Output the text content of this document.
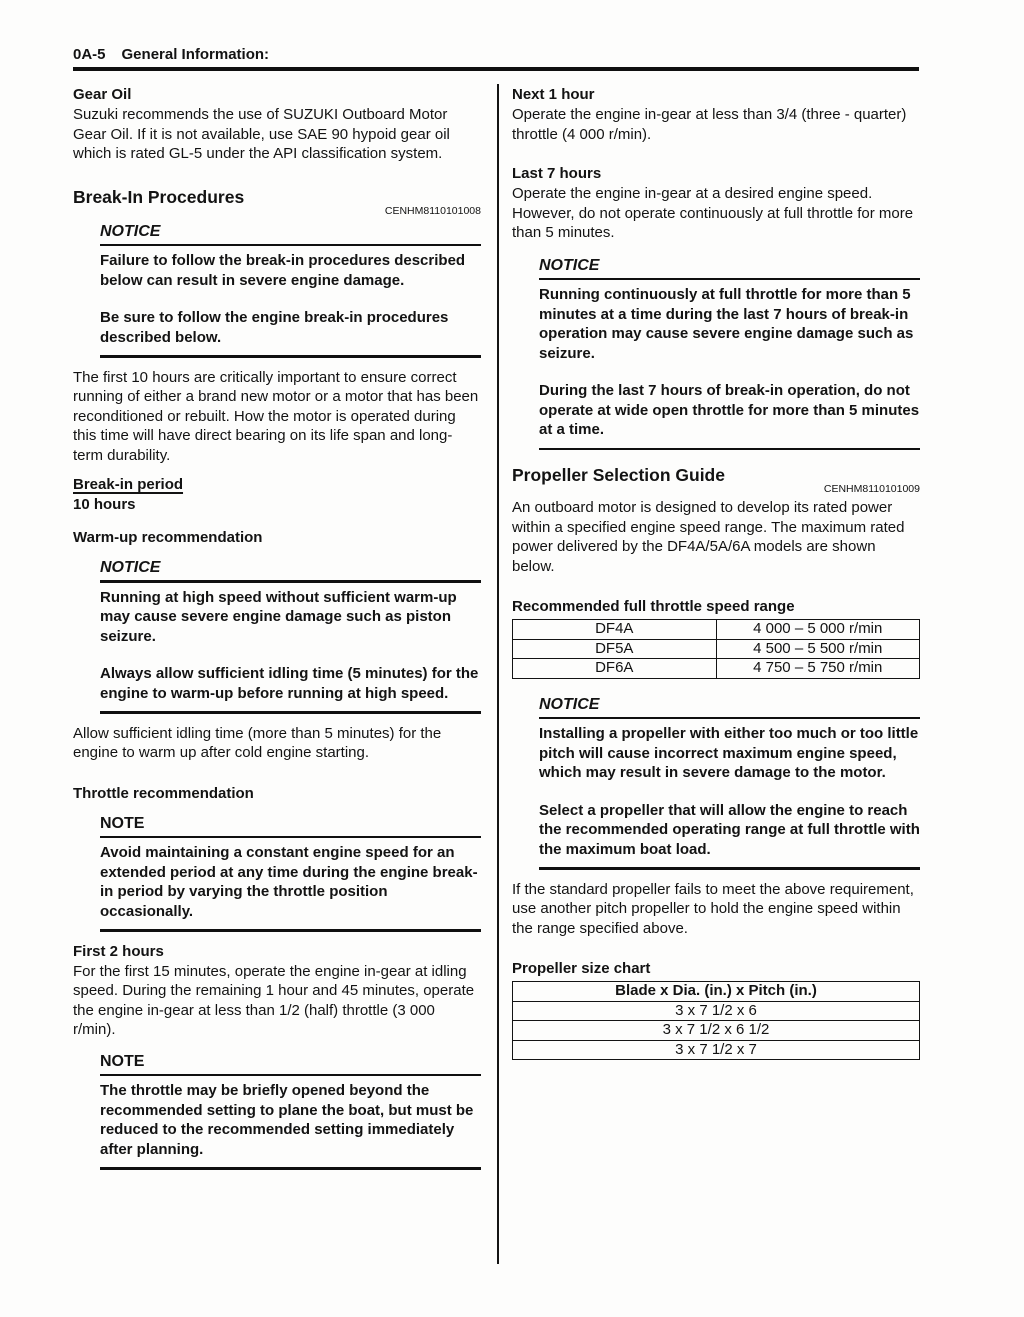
0A-5 General Information:
Gear Oil

Suzuki recommends the use of SUZUKI Outboard Motor Gear Oil. If it is not available, use SAE 90 hypoid gear oil which is rated GL-5 under the API classification system.

Break-In Procedures
CENHM8110101008
NOTICE

Failure to follow the break-in procedures described below can result in severe engine damage.

Be sure to follow the engine break-in procedures described below.

The first 10 hours are critically important to ensure correct running of either a brand new motor or a motor that has been reconditioned or rebuilt. How the motor is operated during this time will have direct bearing on its life span and long-term durability.

Break-in period
10 hours
Warm-up recommendation
NOTICE

Running at high speed without sufficient warm-up may cause severe engine damage such as piston seizure.

Always allow sufficient idling time (5 minutes) for the engine to warm-up before running at high speed.

Allow sufficient idling time (more than 5 minutes) for the engine to warm up after cold engine starting.

Throttle recommendation
NOTE

Avoid maintaining a constant engine speed for an extended period at any time during the engine break-in period by varying the throttle position occasionally.

First 2 hours

For the first 15 minutes, operate the engine in-gear at idling speed. During the remaining 1 hour and 45 minutes, operate the engine in-gear at less than 1/2 (half) throttle (3 000 r/min).

NOTE

The throttle may be briefly opened beyond the recommended setting to plane the boat, but must be reduced to the recommended setting immediately after planning.

Next 1 hour

Operate the engine in-gear at less than 3/4 (three - quarter) throttle (4 000 r/min).

Last 7 hours

Operate the engine in-gear at a desired engine speed. However, do not operate continuously at full throttle for more than 5 minutes.

NOTICE

Running continuously at full throttle for more than 5 minutes at a time during the last 7 hours of break-in operation may cause severe engine damage such as seizure.

During the last 7 hours of break-in operation, do not operate at wide open throttle for more than 5 minutes at a time.

Propeller Selection Guide
CENHM8110101009

An outboard motor is designed to develop its rated power within a specified engine speed range. The maximum rated power delivered by the DF4A/5A/6A models are shown below.

Recommended full throttle speed range
DF4A	4 000 – 5 000 r/min
DF5A	4 500 – 5 500 r/min
DF6A	4 750 – 5 750 r/min
NOTICE

Installing a propeller with either too much or too little pitch will cause incorrect maximum engine speed, which may result in severe damage to the motor.

Select a propeller that will allow the engine to reach the recommended operating range at full throttle with the maximum boat load.

If the standard propeller fails to meet the above requirement, use another pitch propeller to hold the engine speed within the range specified above.

Propeller size chart
Blade x Dia. (in.) x Pitch (in.)
3 x 7 1/2 x 6
3 x 7 1/2 x 6 1/2
3 x 7 1/2 x 7
